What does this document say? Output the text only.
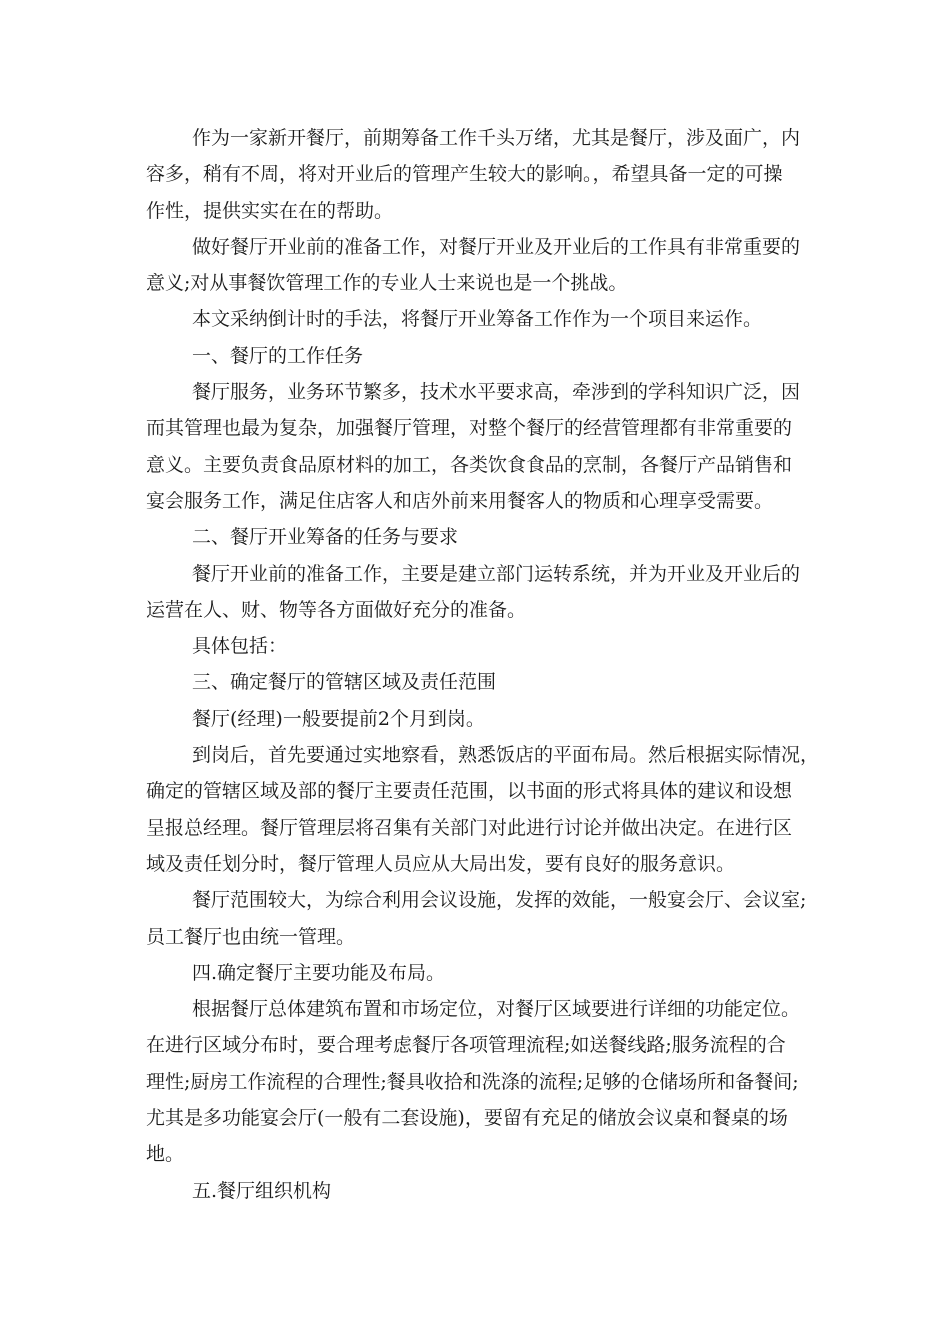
作为一家新开餐厅，前期筹备工作千头万绪，尤其是餐厅，涉及面广，内
容多，稍有不周，将对开业后的管理产生较大的影响。，希望具备一定的可操
作性，提供实实在在的帮助。
做好餐厅开业前的准备工作，对餐厅开业及开业后的工作具有非常重要的
意义;对从事餐饮管理工作的专业人士来说也是一个挑战。
本文采纳倒计时的手法，将餐厅开业筹备工作作为一个项目来运作。
一、餐厅的工作任务
餐厅服务，业务环节繁多，技术水平要求高，牵涉到的学科知识广泛，因
而其管理也最为复杂，加强餐厅管理，对整个餐厅的经营管理都有非常重要的
意义。主要负责食品原材料的加工，各类饮食食品的烹制，各餐厅产品销售和
宴会服务工作，满足住店客人和店外前来用餐客人的物质和心理享受需要。
二、餐厅开业筹备的任务与要求
餐厅开业前的准备工作，主要是建立部门运转系统，并为开业及开业后的
运营在人、财、物等各方面做好充分的准备。
具体包括：
三、确定餐厅的管辖区域及责任范围
餐厅(经理)一般要提前2个月到岗。
到岗后，首先要通过实地察看，熟悉饭店的平面布局。然后根据实际情况，
确定的管辖区域及部的餐厅主要责任范围，以书面的形式将具体的建议和设想
呈报总经理。餐厅管理层将召集有关部门对此进行讨论并做出决定。在进行区
域及责任划分时，餐厅管理人员应从大局出发，要有良好的服务意识。
餐厅范围较大，为综合利用会议设施，发挥的效能，一般宴会厅、会议室;
员工餐厅也由统一管理。
四.确定餐厅主要功能及布局。
根据餐厅总体建筑布置和市场定位，对餐厅区域要进行详细的功能定位。
在进行区域分布时，要合理考虑餐厅各项管理流程;如送餐线路;服务流程的合
理性;厨房工作流程的合理性;餐具收拾和洗涤的流程;足够的仓储场所和备餐间;
尤其是多功能宴会厅(一般有二套设施)，要留有充足的储放会议桌和餐桌的场
地。
五.餐厅组织机构
